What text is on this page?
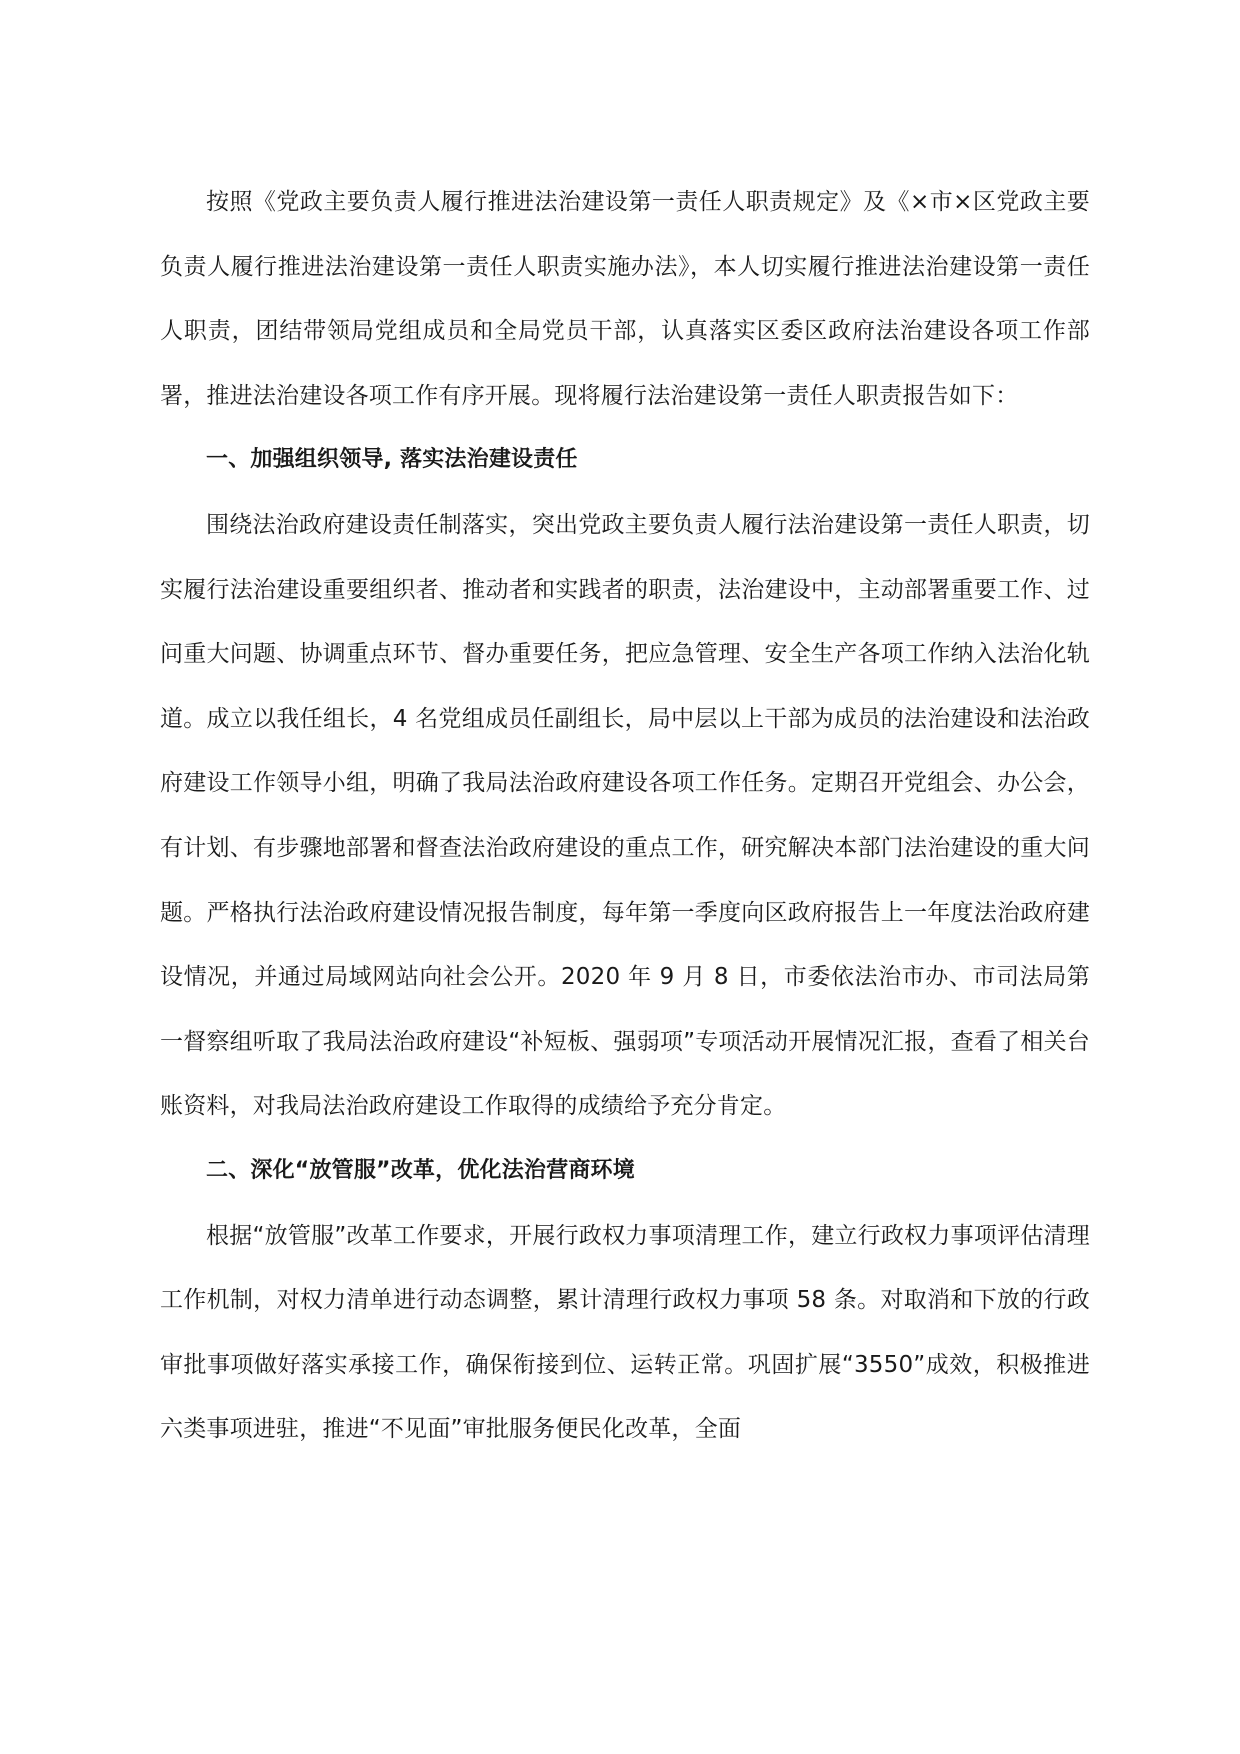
按照《党政主要负责人履行推进法治建设第一责任人职责规定》及《×市×区党政主要负责人履行推进法治建设第一责任人职责实施办法》，本人切实履行推进法治建设第一责任人职责，团结带领局党组成员和全局党员干部，认真落实区委区政府法治建设各项工作部署，推进法治建设各项工作有序开展。现将履行法治建设第一责任人职责报告如下：

一、加强组织领导, 落实法治建设责任

围绕法治政府建设责任制落实，突出党政主要负责人履行法治建设第一责任人职责，切实履行法治建设重要组织者、推动者和实践者的职责，法治建设中，主动部署重要工作、过问重大问题、协调重点环节、督办重要任务，把应急管理、安全生产各项工作纳入法治化轨道。成立以我任组长，4 名党组成员任副组长，局中层以上干部为成员的法治建设和法治政府建设工作领导小组，明确了我局法治政府建设各项工作任务。定期召开党组会、办公会，有计划、有步骤地部署和督查法治政府建设的重点工作，研究解决本部门法治建设的重大问题。严格执行法治政府建设情况报告制度，每年第一季度向区政府报告上一年度法治政府建设情况，并通过局域网站向社会公开。2020 年 9 月 8 日，市委依法治市办、市司法局第一督察组听取了我局法治政府建设“补短板、强弱项”专项活动开展情况汇报，查看了相关台账资料，对我局法治政府建设工作取得的成绩给予充分肯定。

二、深化“放管服”改革，优化法治营商环境

根据“放管服”改革工作要求，开展行政权力事项清理工作，建立行政权力事项评估清理工作机制，对权力清单进行动态调整，累计清理行政权力事项 58 条。对取消和下放的行政审批事项做好落实承接工作，确保衔接到位、运转正常。巩固扩展“3550”成效，积极推进六类事项进驻，推进“不见面”审批服务便民化改革，全面
